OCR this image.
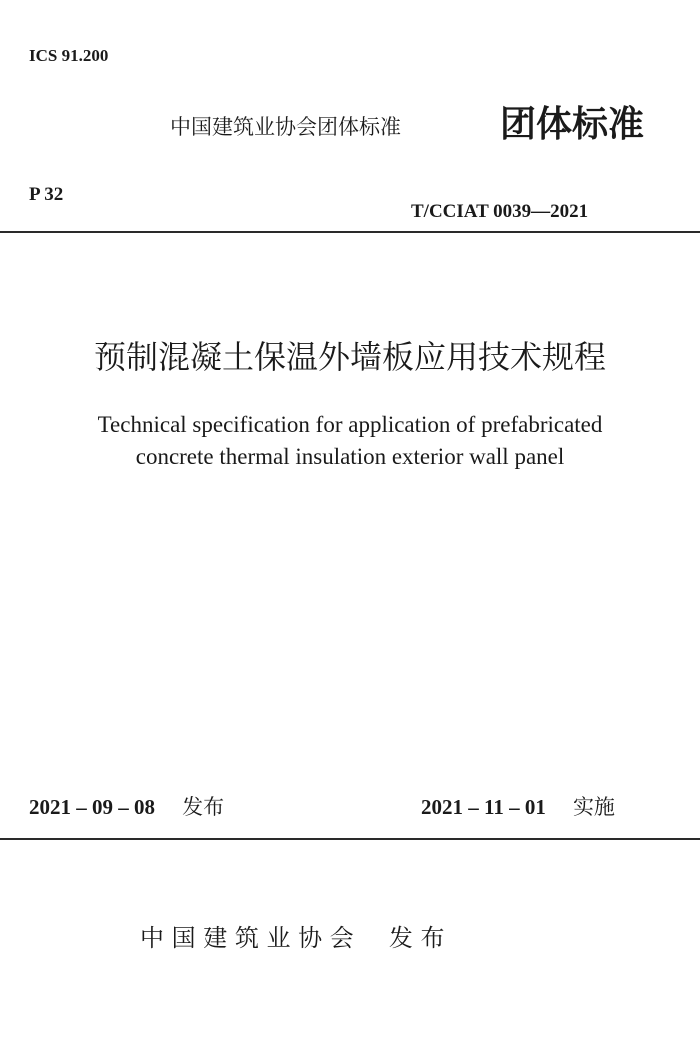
ICS 91.200
中国建筑业协会团体标准	团体标准
P 32
T/CCIAT 0039—2021
预制混凝土保温外墙板应用技术规程
Technical specification for application of prefabricated
concrete thermal insulation exterior wall panel
2021 – 09 – 08 发布	2021 – 11 – 01 实施
中 国 建 筑 业 协 会 发 布
